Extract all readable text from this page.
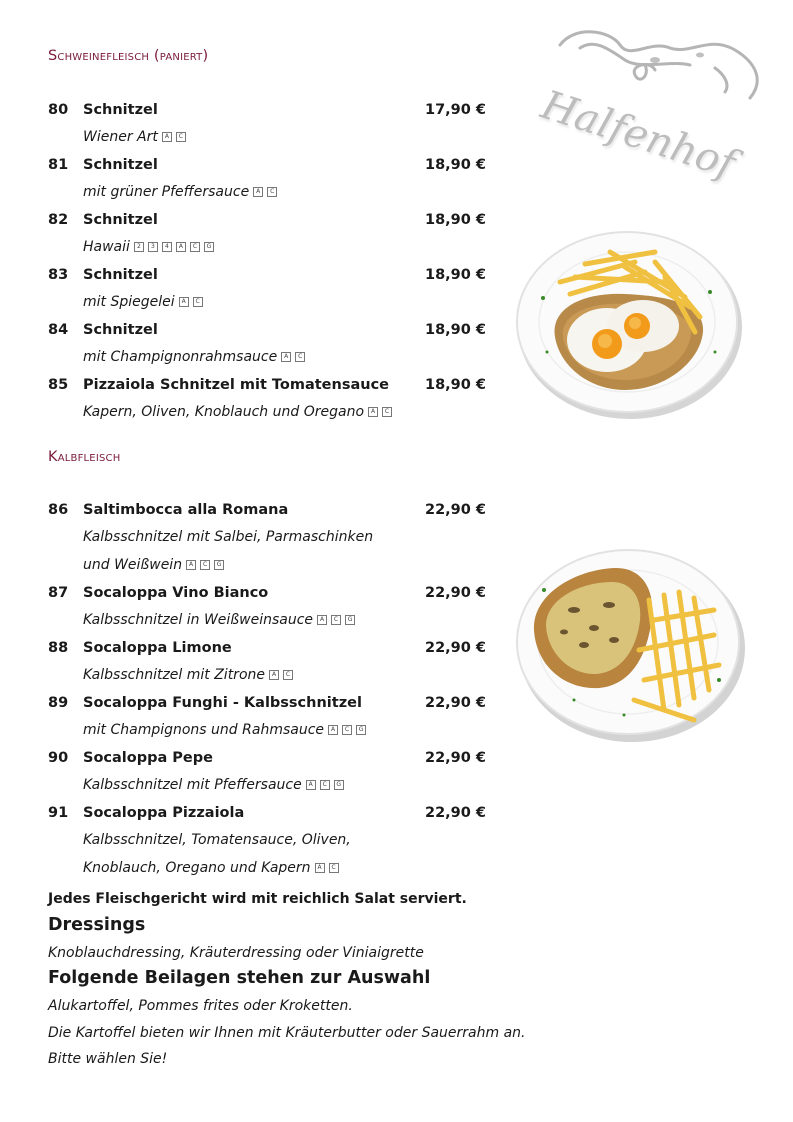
Schweinefleisch (paniert)
80	Schnitzel	17,90 €
Wiener Art A C
81	Schnitzel	18,90 €
mit grüner Pfeffersauce A C
82	Schnitzel	18,90 €
Hawaii 2 3 4 A C G
83	Schnitzel	18,90 €
mit Spiegelei A C
84	Schnitzel	18,90 €
mit Champignonrahmsauce A C
85	Pizzaiola Schnitzel mit Tomatensauce	18,90 €
Kapern, Oliven, Knoblauch und Oregano A C
Kalbfleisch
86	Saltimbocca alla Romana	22,90 €
Kalbsschnitzel mit Salbei, Parmaschinken
und Weißwein A C G
87	Socaloppa Vino Bianco	22,90 €
Kalbsschnitzel in Weißweinsauce A C G
88	Socaloppa Limone	22,90 €
Kalbsschnitzel mit Zitrone A C
89	Socaloppa Funghi - Kalbsschnitzel	22,90 €
mit Champignons und Rahmsauce A C G
90	Socaloppa Pepe	22,90 €
Kalbsschnitzel mit Pfeffersauce A C G
91	Socaloppa Pizzaiola	22,90 €
Kalbsschnitzel, Tomatensauce, Oliven,
Knoblauch, Oregano und Kapern A C
Jedes Fleischgericht wird mit reichlich Salat serviert.
Dressings
Knoblauchdressing, Kräuterdressing oder Viniaigrette
Folgende Beilagen stehen zur Auswahl
Alukartoffel, Pommes frites oder Kroketten.
Die Kartoffel bieten wir Ihnen mit Kräuterbutter oder Sauerrahm an.
Bitte wählen Sie!
Halfenhof
